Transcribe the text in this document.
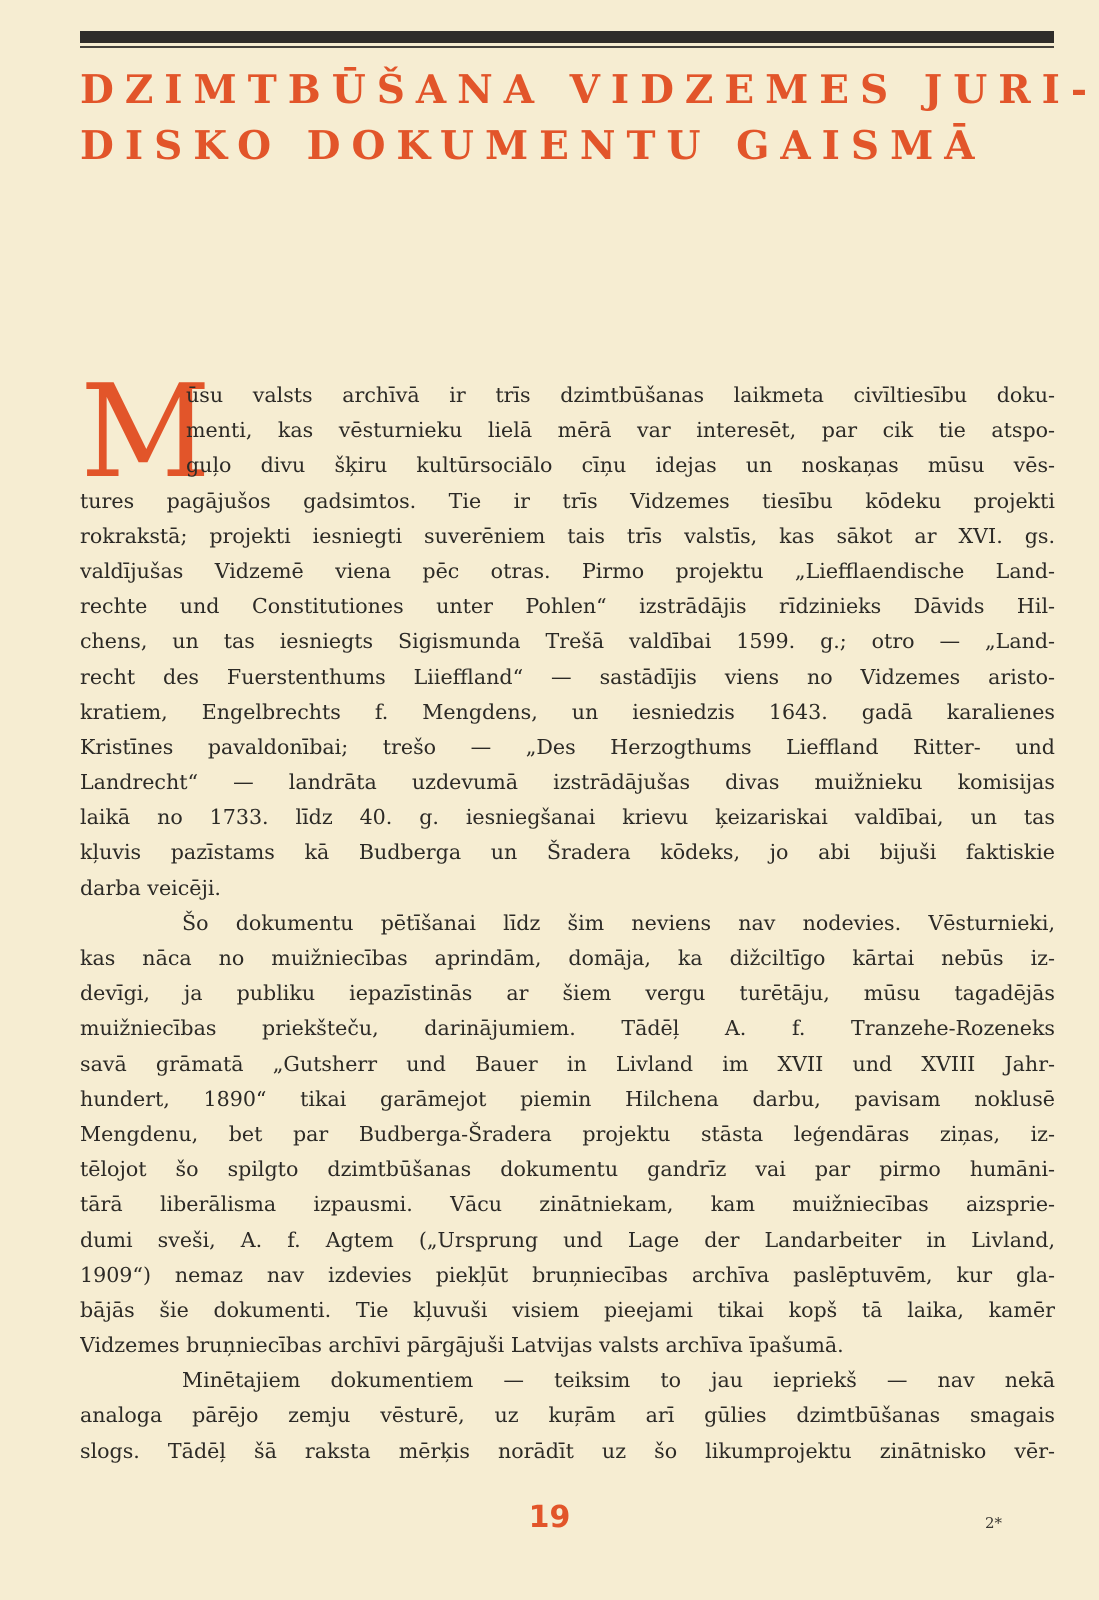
DZIMTBŪŠANA VIDZEMES JURI-
DISKO DOKUMENTU GAISMĀ
M
ūsu valsts archīvā ir trīs dzimtbūšanas laikmeta civīltiesību doku-
menti, kas vēsturnieku lielā mērā var interesēt, par cik tie atspo-
guļo divu šķiru kultūrsociālo cīņu idejas un noskaņas mūsu vēs-
tures pagājušos gadsimtos. Tie ir trīs Vidzemes tiesību kōdeku projekti
rokrakstā; projekti iesniegti suverēniem tais trīs valstīs, kas sākot ar XVI. gs.
valdījušas Vidzemē viena pēc otras. Pirmo projektu „Liefflaendische Land-
rechte und Constitutiones unter Pohlen“ izstrādājis rīdzinieks Dāvids Hil-
chens, un tas iesniegts Sigismunda Trešā valdībai 1599. g.; otro — „Land-
recht des Fuerstenthums Liieffland“ — sastādījis viens no Vidzemes aristo-
kratiem, Engelbrechts f. Mengdens, un iesniedzis 1643. gadā karalienes
Kristīnes pavaldonībai; trešo — „Des Herzogthums Lieffland Ritter- und
Landrecht“ — landrāta uzdevumā izstrādājušas divas muižnieku komisijas
laikā no 1733. līdz 40. g. iesniegšanai krievu ķeizariskai valdībai, un tas
kļuvis pazīstams kā Budberga un Šradera kōdeks, jo abi bijuši faktiskie
darba veicēji.
Šo dokumentu pētīšanai līdz šim neviens nav nodevies. Vēsturnieki,
kas nāca no muižniecības aprindām, domāja, ka dižciltīgo kārtai nebūs iz-
devīgi, ja publiku iepazīstinās ar šiem vergu turētāju, mūsu tagadējās
muižniecības priekšteču, darinājumiem. Tādēļ A. f. Tranzehe-Rozeneks
savā grāmatā „Gutsherr und Bauer in Livland im XVII und XVIII Jahr-
hundert, 1890“ tikai garāmejot piemin Hilchena darbu, pavisam noklusē
Mengdenu, bet par Budberga-Šradera projektu stāsta leģendāras ziņas, iz-
tēlojot šo spilgto dzimtbūšanas dokumentu gandrīz vai par pirmo humāni-
tārā liberālisma izpausmi. Vācu zinātniekam, kam muižniecības aizsprie-
dumi sveši, A. f. Agtem („Ursprung und Lage der Landarbeiter in Livland,
1909“) nemaz nav izdevies piekļūt bruņniecības archīva paslēptuvēm, kur gla-
bājās šie dokumenti. Tie kļuvuši visiem pieejami tikai kopš tā laika, kamēr
Vidzemes bruņniecības archīvi pārgājuši Latvijas valsts archīva īpašumā.
Minētajiem dokumentiem — teiksim to jau iepriekš — nav nekā
analoga pārējo zemju vēsturē, uz kuŗām arī gūlies dzimtbūšanas smagais
slogs. Tādēļ šā raksta mērķis norādīt uz šo likumprojektu zinātnisko vēr-
19	2*
